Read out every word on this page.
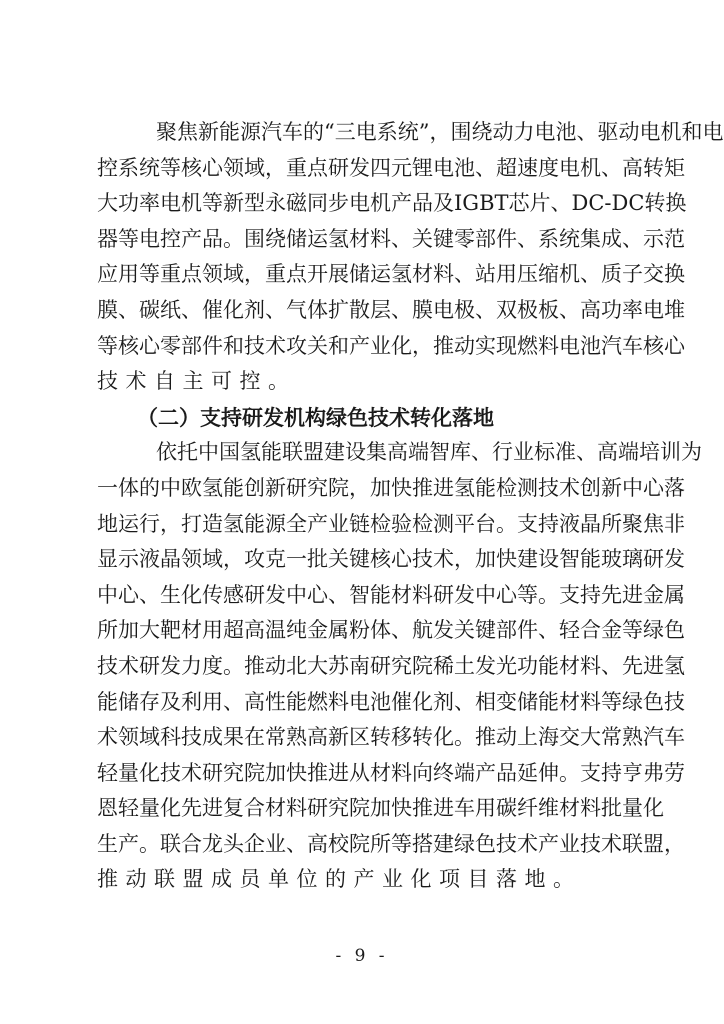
聚 焦 新 能 源 汽 车 的 “ 三 电 系 统 ” ， 围 绕 动 力 电 池 、 驱 动 电 机 和 电
控 系 统 等 核 心 领 域 ， 重 点 研 发 四 元 锂 电 池 、 超 速 度 电 机 、 高 转 矩
大 功 率 电 机 等 新 型 永 磁 同 步 电 机 产 品 及 IGBT 芯 片 、 DC-DC 转 换
器 等 电 控 产 品 。 围 绕 储 运 氢 材 料 、 关 键 零 部 件 、 系 统 集 成 、 示 范
应 用 等 重 点 领 域 ， 重 点 开 展 储 运 氢 材 料 、 站 用 压 缩 机 、 质 子 交 换
膜 、 碳 纸 、 催 化 剂 、 气 体 扩 散 层 、 膜 电 极 、 双 极 板 、 高 功 率 电 堆
等 核 心 零 部 件 和 技 术 攻 关 和 产 业 化 ， 推 动 实 现 燃 料 电 池 汽 车 核 心
技 术 自 主 可 控 。
（二）支持研发机构绿色技术转化落地
依 托 中 国 氢 能 联 盟 建 设 集 高 端 智 库 、 行 业 标 准 、 高 端 培 训 为
一 体 的 中 欧 氢 能 创 新 研 究 院 ， 加 快 推 进 氢 能 检 测 技 术 创 新 中 心 落
地 运 行 ， 打 造 氢 能 源 全 产 业 链 检 验 检 测 平 台 。 支 持 液 晶 所 聚 焦 非
显 示 液 晶 领 域 ， 攻 克 一 批 关 键 核 心 技 术 ， 加 快 建 设 智 能 玻 璃 研 发
中 心 、 生 化 传 感 研 发 中 心 、 智 能 材 料 研 发 中 心 等 。 支 持 先 进 金 属
所 加 大 靶 材 用 超 高 温 纯 金 属 粉 体 、 航 发 关 键 部 件 、 轻 合 金 等 绿 色
技 术 研 发 力 度 。 推 动 北 大 苏 南 研 究 院 稀 土 发 光 功 能 材 料 、 先 进 氢
能 储 存 及 利 用 、 高 性 能 燃 料 电 池 催 化 剂 、 相 变 储 能 材 料 等 绿 色 技
术 领 域 科 技 成 果 在 常 熟 高 新 区 转 移 转 化 。 推 动 上 海 交 大 常 熟 汽 车
轻 量 化 技 术 研 究 院 加 快 推 进 从 材 料 向 终 端 产 品 延 伸 。 支 持 亨 弗 劳
恩 轻 量 化 先 进 复 合 材 料 研 究 院 加 快 推 进 车 用 碳 纤 维 材 料 批 量 化
生 产 。 联 合 龙 头 企 业 、 高 校 院 所 等 搭 建 绿 色 技 术 产 业 技 术 联 盟 ，
推 动 联 盟 成 员 单 位 的 产 业 化 项 目 落 地 。
- 9 -
